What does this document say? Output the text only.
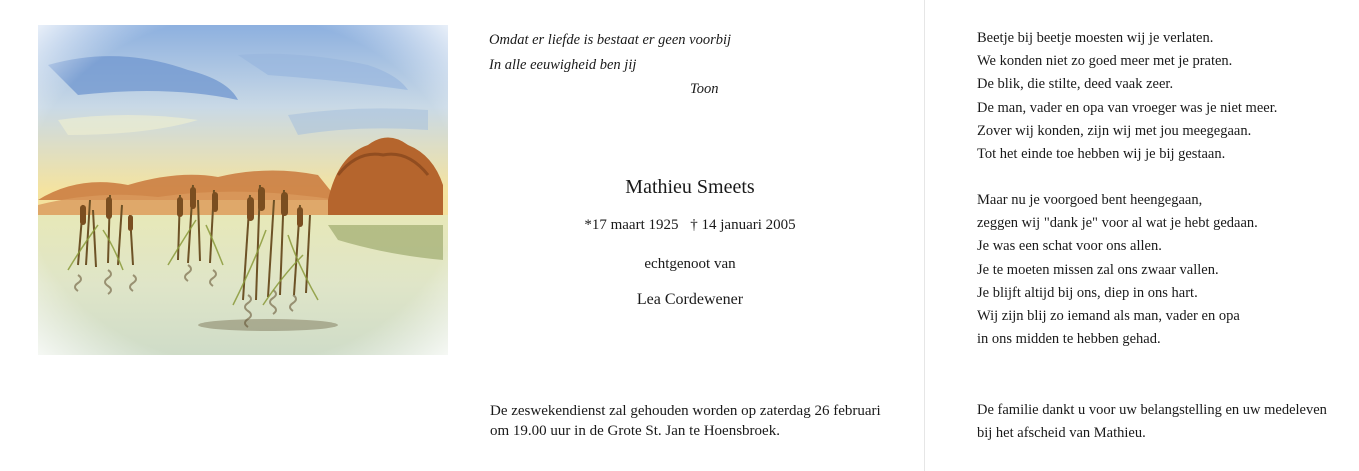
Omdat er liefde is bestaat er geen voorbij
In alle eeuwigheid ben jij
Toon
Mathieu Smeets
*17 maart 1925 † 14 januari 2005
echtgenoot van
Lea Cordewener
De zeswekendienst zal gehouden worden op zaterdag 26 februari
om 19.00 uur in de Grote St. Jan te Hoensbroek.
Beetje bij beetje moesten wij je verlaten.
We konden niet zo goed meer met je praten.
De blik, die stilte, deed vaak zeer.
De man, vader en opa van vroeger was je niet meer.
Zover wij konden, zijn wij met jou meegegaan.
Tot het einde toe hebben wij je bij gestaan.
Maar nu je voorgoed bent heengegaan,
zeggen wij "dank je" voor al wat je hebt gedaan.
Je was een schat voor ons allen.
Je te moeten missen zal ons zwaar vallen.
Je blijft altijd bij ons, diep in ons hart.
Wij zijn blij zo iemand als man, vader en opa
in ons midden te hebben gehad.
De familie dankt u voor uw belangstelling en uw medeleven
bij het afscheid van Mathieu.
